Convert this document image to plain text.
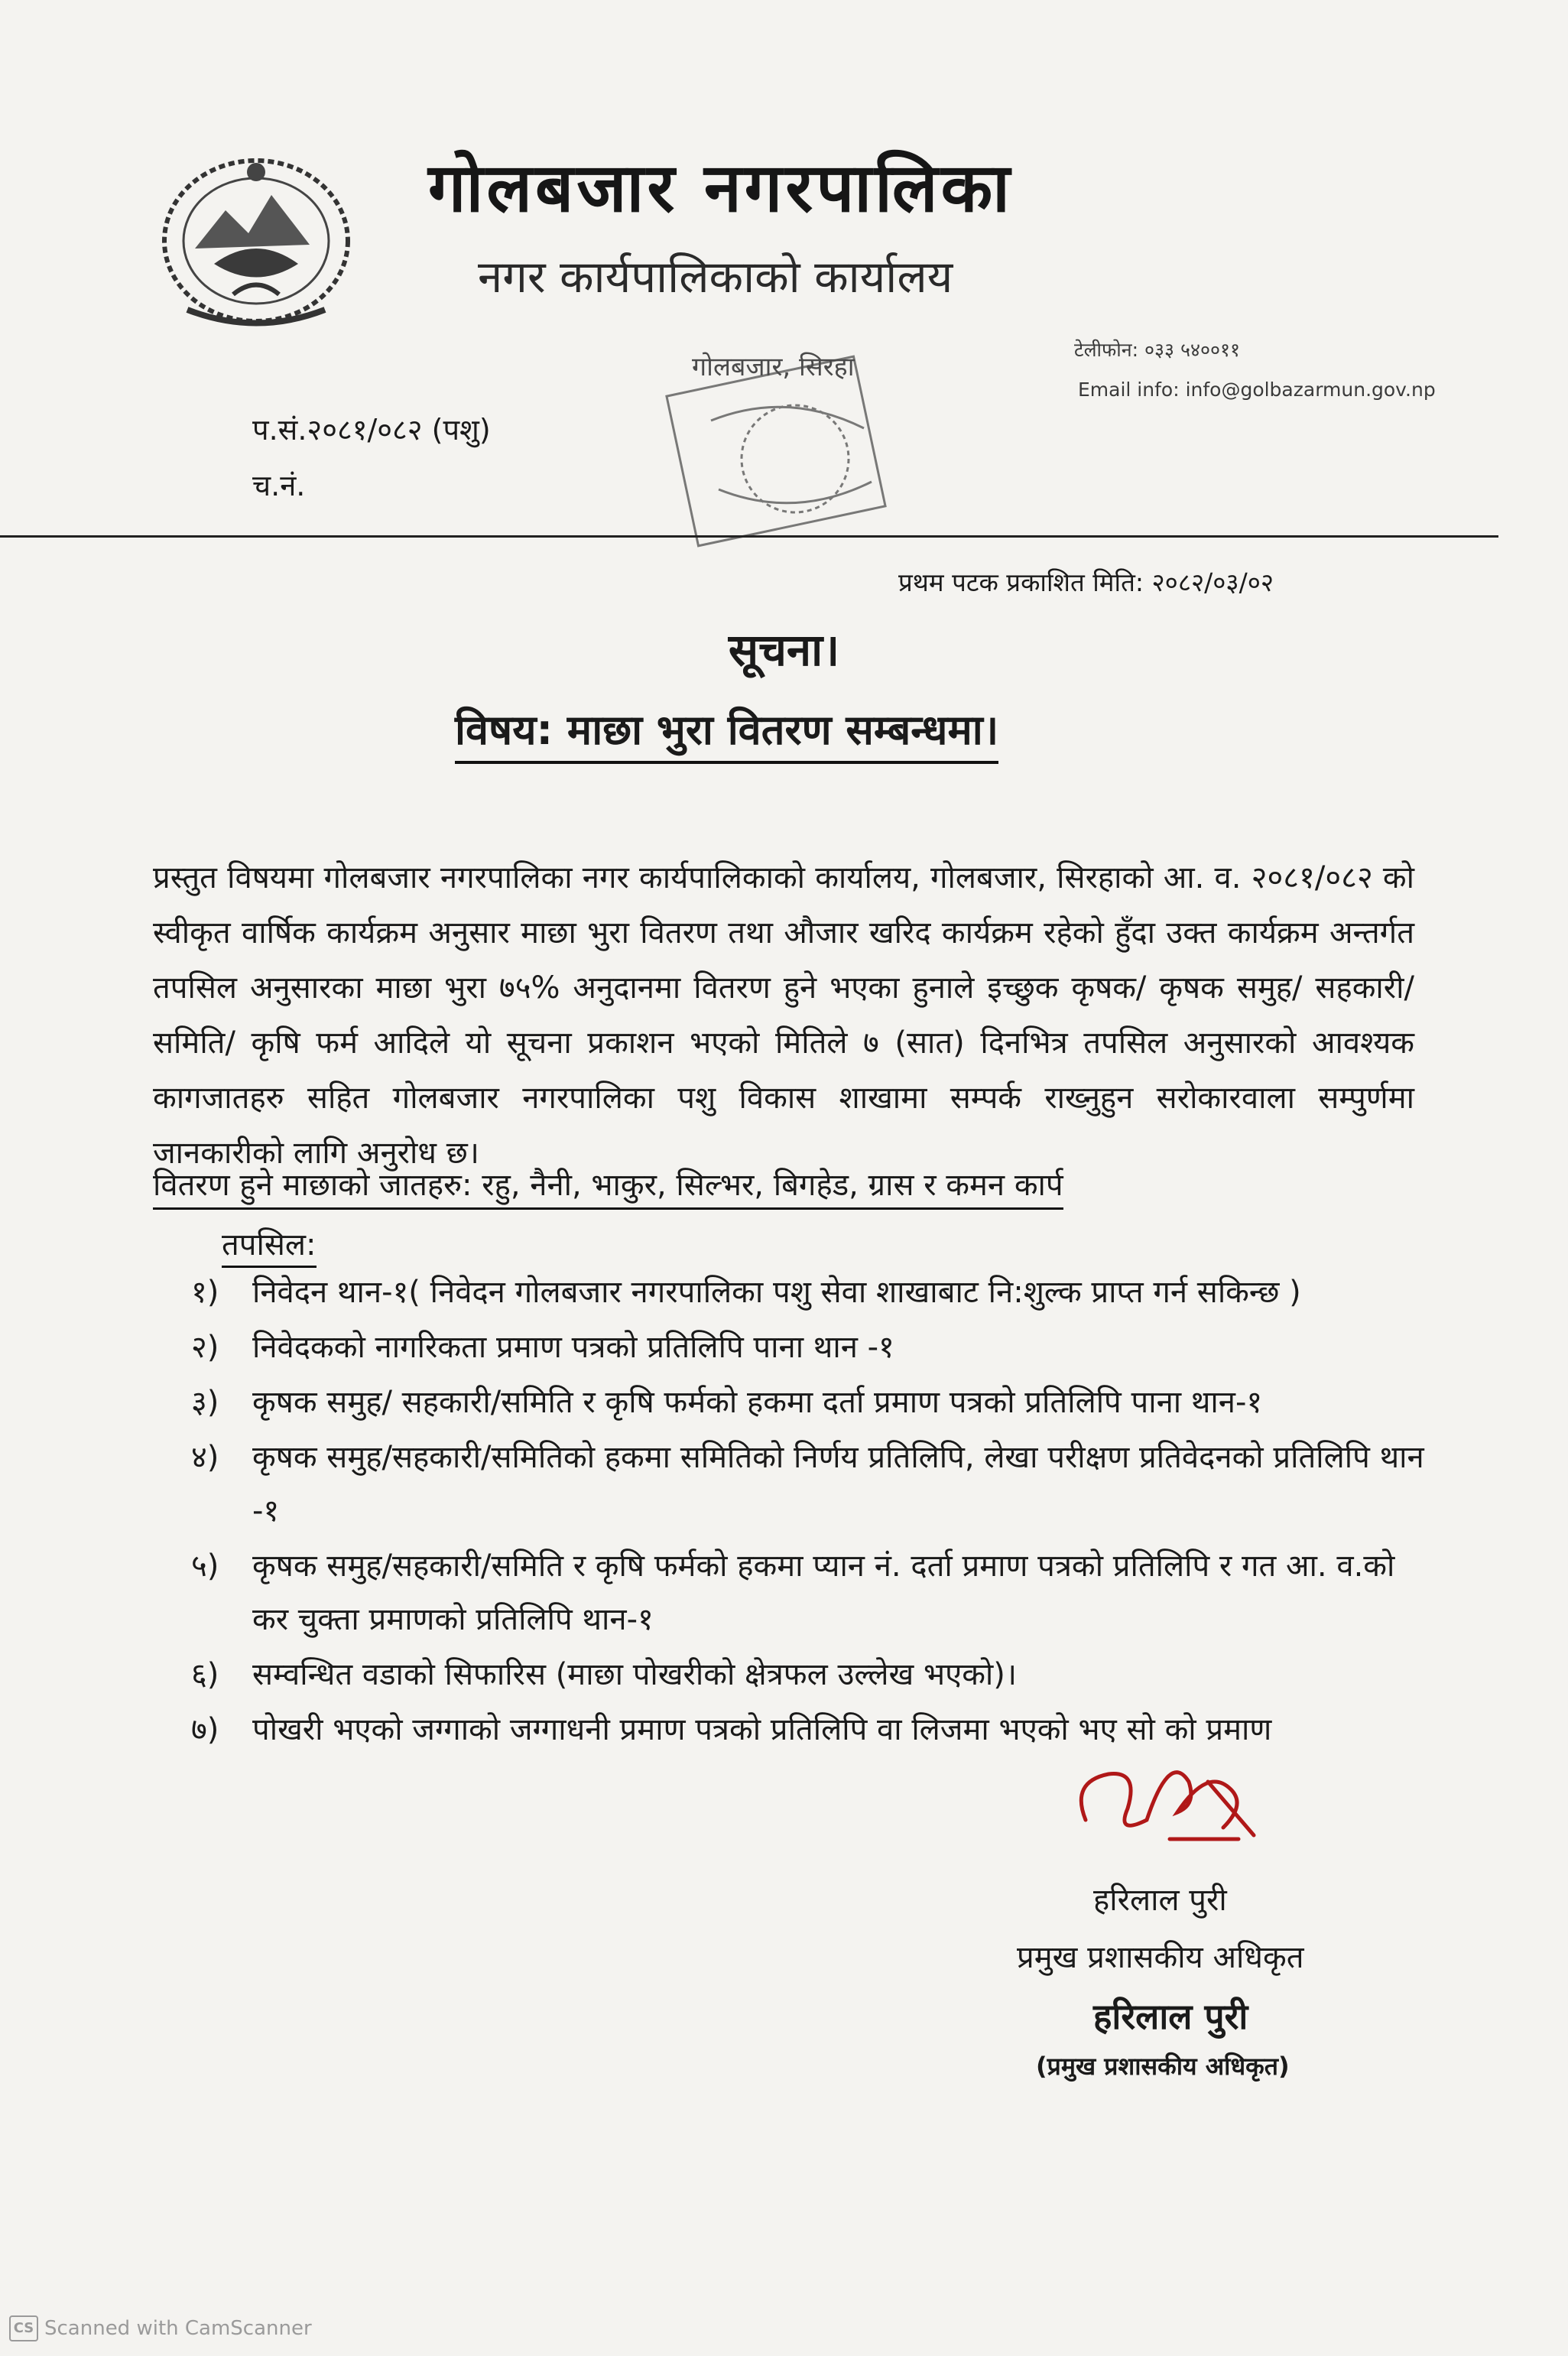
गोलबजार नगरपालिका
नगर कार्यपालिकाको कार्यालय
गोलबजार, सिरहा
टेलीफोन: ०३३ ५४००११
Email info: info@golbazarmun.gov.np
प.सं.२०८१/०८२ (पशु)
च.नं.
प्रथम पटक प्रकाशित मिति: २०८२/०३/०२
सूचना।
विषय: माछा भुरा वितरण सम्बन्धमा।
प्रस्तुत विषयमा गोलबजार नगरपालिका नगर कार्यपालिकाको कार्यालय, गोलबजार, सिरहाको आ. व. २०८१/०८२ को स्वीकृत वार्षिक कार्यक्रम अनुसार माछा भुरा वितरण तथा औजार खरिद कार्यक्रम रहेको हुँदा उक्त कार्यक्रम अन्तर्गत तपसिल अनुसारका माछा भुरा ७५% अनुदानमा वितरण हुने भएका हुनाले इच्छुक कृषक/ कृषक समुह/ सहकारी/समिति/ कृषि फर्म आदिले यो सूचना प्रकाशन भएको मितिले ७ (सात) दिनभित्र तपसिल अनुसारको आवश्यक कागजातहरु सहित गोलबजार नगरपालिका पशु विकास शाखामा सम्पर्क राख्नुहुन सरोकारवाला सम्पुर्णमा जानकारीको लागि अनुरोध छ।
वितरण हुने माछाको जातहरु: रहु, नैनी, भाकुर, सिल्भर, बिगहेड, ग्रास र कमन कार्प
तपसिल:
१) निवेदन थान-१( निवेदन गोलबजार नगरपालिका पशु सेवा शाखाबाट नि:शुल्क प्राप्त गर्न सकिन्छ )
२) निवेदकको नागरिकता प्रमाण पत्रको प्रतिलिपि पाना थान -१
३) कृषक समुह/ सहकारी/समिति र कृषि फर्मको हकमा दर्ता प्रमाण पत्रको प्रतिलिपि पाना थान-१
४) कृषक समुह/सहकारी/समितिको हकमा समितिको निर्णय प्रतिलिपि, लेखा परीक्षण प्रतिवेदनको प्रतिलिपि थान -१
५) कृषक समुह/सहकारी/समिति र कृषि फर्मको हकमा प्यान नं. दर्ता प्रमाण पत्रको प्रतिलिपि र गत आ. व.को कर चुक्ता प्रमाणको प्रतिलिपि थान-१
६) सम्वन्धित वडाको सिफारिस (माछा पोखरीको क्षेत्रफल उल्लेख भएको)।
७) पोखरी भएको जग्गाको जग्गाधनी प्रमाण पत्रको प्रतिलिपि वा लिजमा भएको भए सो को प्रमाण
हरिलाल पुरी
प्रमुख प्रशासकीय अधिकृत
हरिलाल पुरी
(प्रमुख प्रशासकीय अधिकृत)
CS Scanned with CamScanner
